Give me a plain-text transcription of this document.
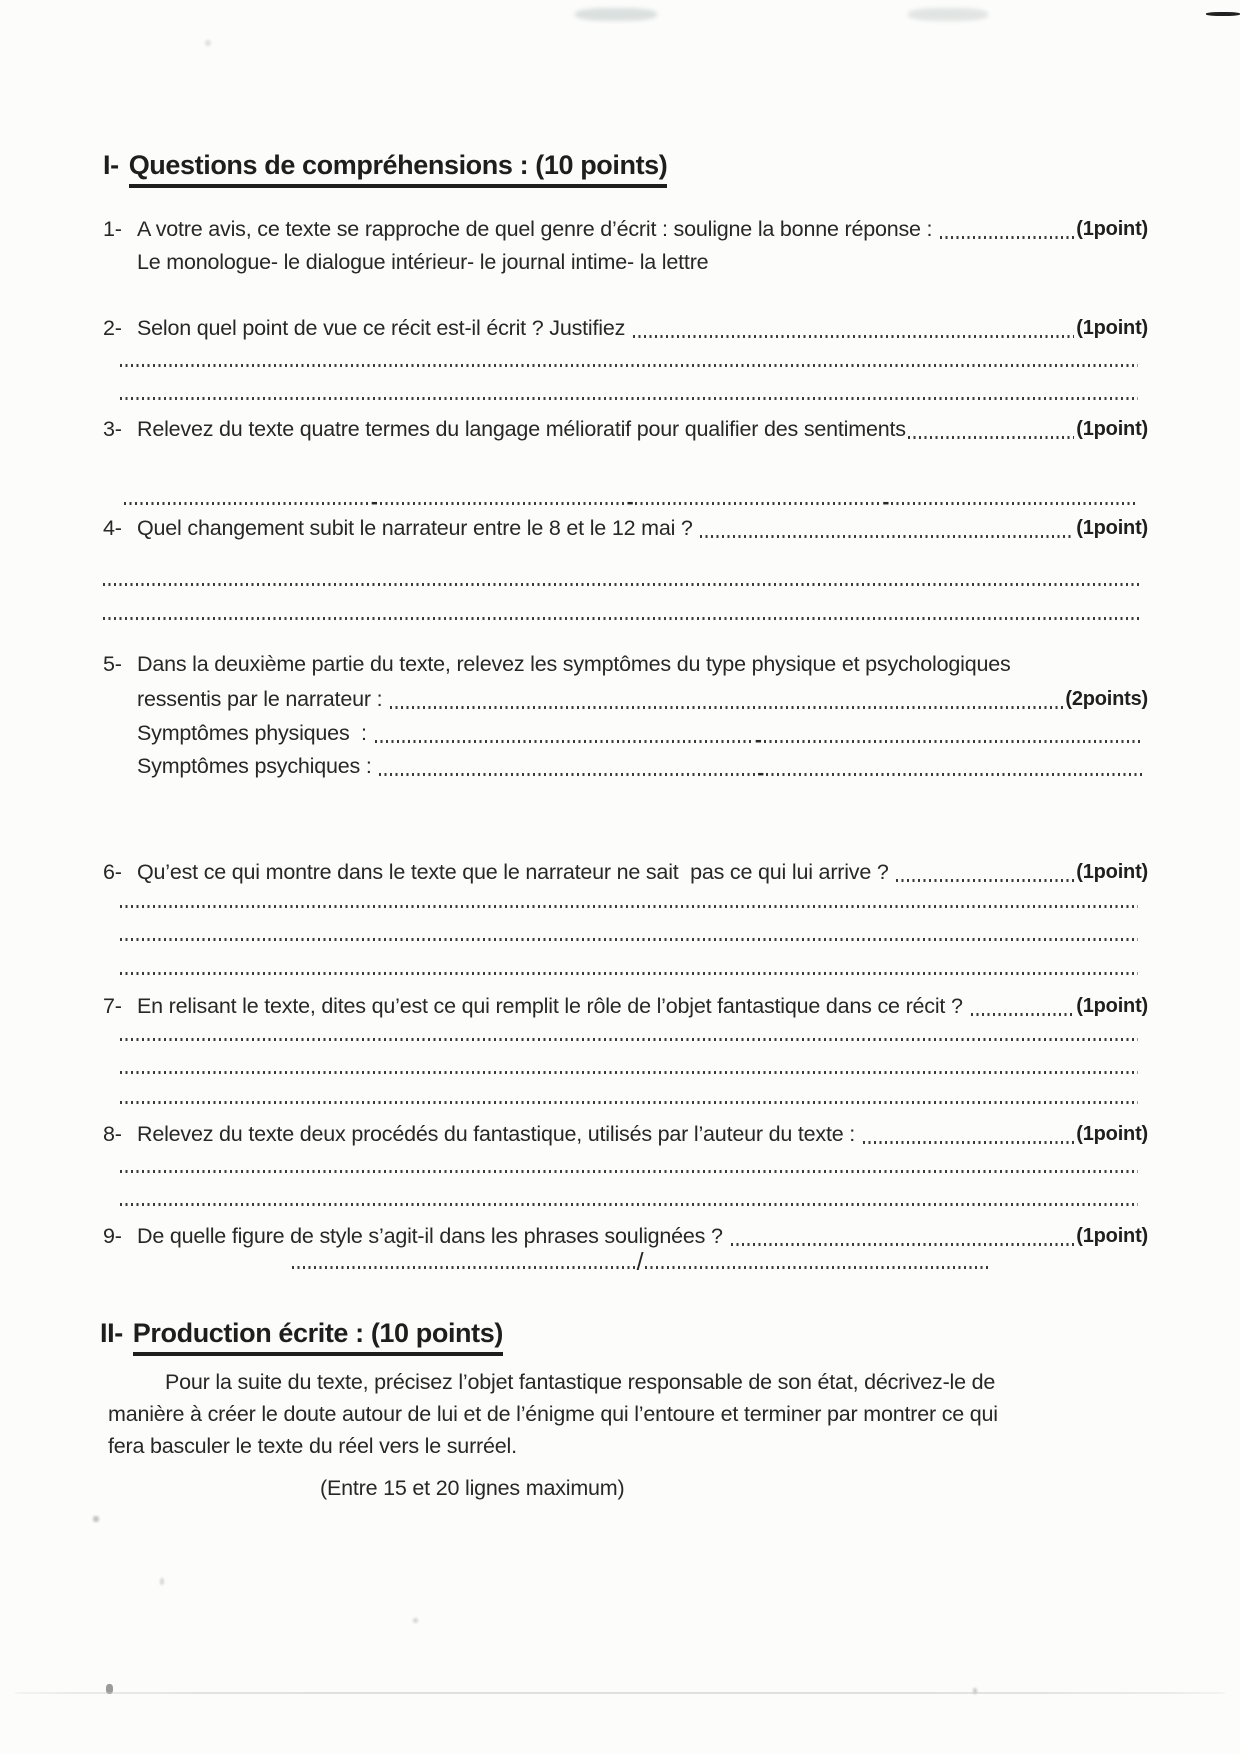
I- Questions de compréhensions : (10 points)
1- A votre avis, ce texte se rapproche de quel genre d’écrit : souligne la bonne réponse :	(1point)
Le monologue- le dialogue intérieur- le journal intime- la lettre
2- Selon quel point de vue ce récit est-il écrit ? Justifiez	(1point)
3- Relevez du texte quatre termes du langage mélioratif pour qualifier des sentiments	(1point)
-	-	-
4- Quel changement subit le narrateur entre le 8 et le 12 mai ?	(1point)
5- Dans la deuxième partie du texte, relevez les symptômes du type physique et psychologiques
ressentis par le narrateur :	(2points)
Symptômes physiques  :	-
Symptômes psychiques :	-
6- Qu’est ce qui montre dans le texte que le narrateur ne sait  pas ce qui lui arrive ?	(1point)
7- En relisant le texte, dites qu’est ce qui remplit le rôle de l’objet fantastique dans ce récit ?	(1point)
8- Relevez du texte deux procédés du fantastique, utilisés par l’auteur du texte :	(1point)
9- De quelle figure de style s’agit-il dans les phrases soulignées ?	(1point)
/
II- Production écrite : (10 points)
Pour la suite du texte, précisez l’objet fantastique responsable de son état, décrivez-le de
manière à créer le doute autour de lui et de l’énigme qui l’entoure et terminer par montrer ce qui
fera basculer le texte du réel vers le surréel.
(Entre 15 et 20 lignes maximum)
